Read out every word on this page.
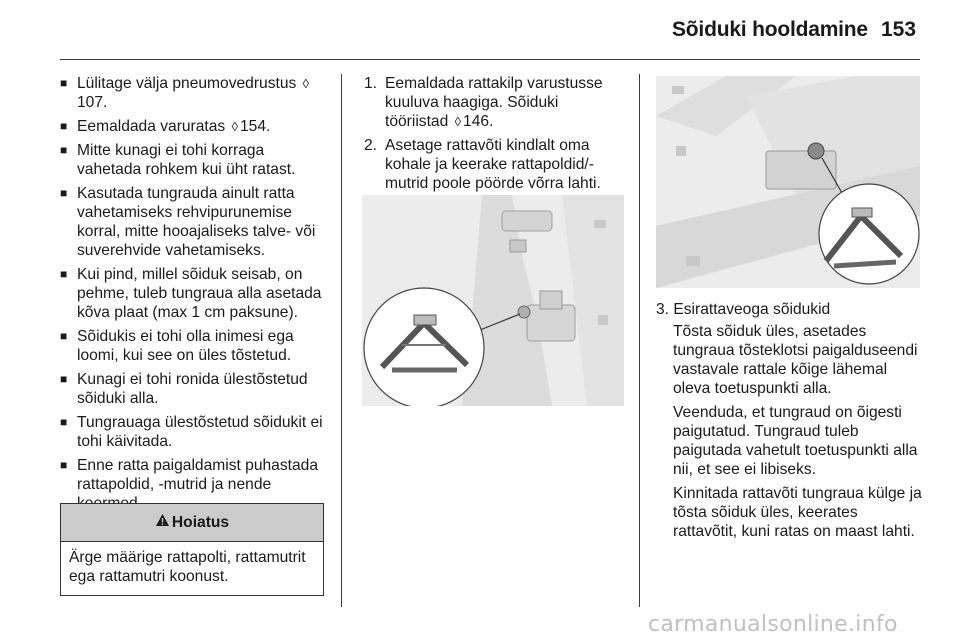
Sõiduki hooldamine 153
■ Lülitage välja pneumovedrustus ◊107.
■ Eemaldada varuratas ◊ 154.
■ Mitte kunagi ei tohi korraga vahetada rohkem kui üht ratast.
■ Kasutada tungrauda ainult ratta vahetamiseks rehvipurunemise korral, mitte hooajaliseks talve- või suverehvide vahetamiseks.
■ Kui pind, millel sõiduk seisab, on pehme, tuleb tungraua alla asetada kõva plaat (max 1 cm paksune).
■ Sõidukis ei tohi olla inimesi ega loomi, kui see on üles tõstetud.
■ Kunagi ei tohi ronida ülestõstetud sõiduki alla.
■ Tungrauaga ülestõstetud sõidukit ei tohi käivitada.
■ Enne ratta paigaldamist puhastada rattapoldid, -mutrid ja nende
Hoiatus
Ärge määrige rattapolti, rattamutrit ega rattamutri koonust.
1. Eemaldada rattakilp varustusse kuuluva haagiga. Sõiduki tööriistad ◊ 146.
2. Asetage rattavõti kindlalt oma kohale ja keerake rattapoldid/-mutrid poole pöörde võrra lahti.
3. Esirattaveoga sõidukid

Tõsta sõiduk üles, asetades tungraua tõsteklotsi paigalduseendi vastavale rattale kõige lähemal oleva toetuspunkti alla.

Veenduda, et tungraud on õigesti paigutatud. Tungraud tuleb paigutada vahetult toetuspunkti alla nii, et see ei libiseks.

Kinnitada rattavõti tungraua külge ja tõsta sõiduk üles, keerates rattavõtit, kuni ratas on maast lahti.

carmanualsonline.info
